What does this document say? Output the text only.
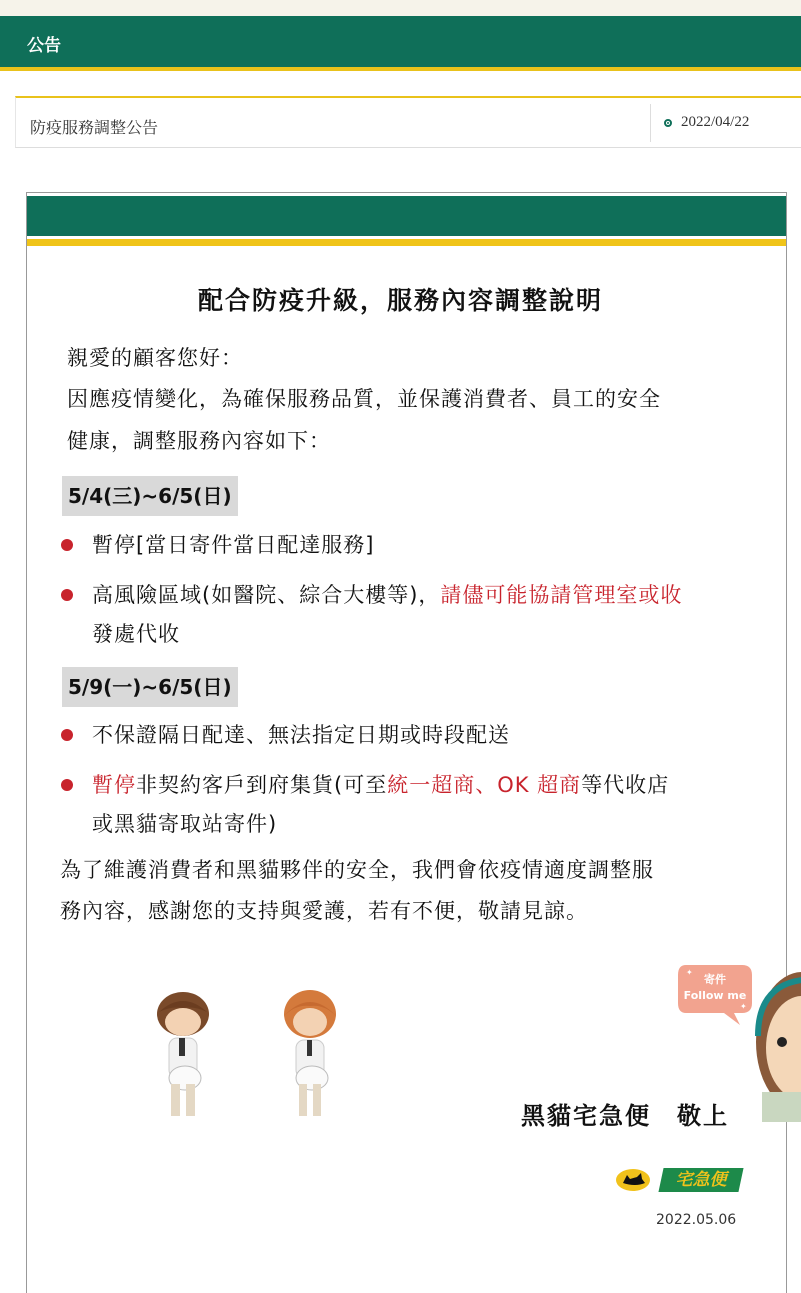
公告
防疫服務調整公告	2022/04/22
配合防疫升級，服務內容調整說明
親愛的顧客您好：
因應疫情變化，為確保服務品質，並保護消費者、員工的安全
健康，調整服務內容如下：
5/4(三)~6/5(日)
暫停[當日寄件當日配達服務]
高風險區域(如醫院、綜合大樓等)，請儘可能協請管理室或收
發處代收
5/9(一)~6/5(日)
不保證隔日配達、無法指定日期或時段配送
暫停非契約客戶到府集貨(可至統一超商、OK 超商等代收店
或黑貓寄取站寄件)
為了維護消費者和黑貓夥伴的安全，我們會依疫情適度調整服
務內容，感謝您的支持與愛護，若有不便，敬請見諒。
✦
✦
寄件
Follow me
黑貓宅急便　敬上
宅急便
2022.05.06
